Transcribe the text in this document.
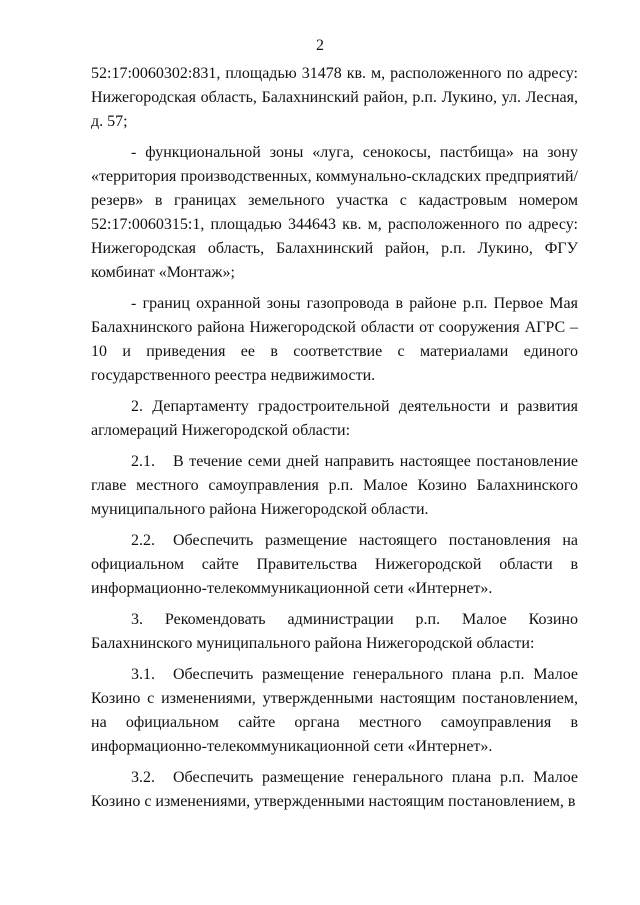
2

52:17:0060302:831, площадью 31478 кв. м, расположенного по адресу: Нижегородская область, Балахнинский район, р.п. Лукино, ул. Лесная, д. 57;

- функциональной зоны «луга, сенокосы, пастбища» на зону «территория производственных, коммунально-складских предприятий/резерв» в границах земельного участка с кадастровым номером 52:17:0060315:1, площадью 344643 кв. м, расположенного по адресу: Нижегородская область, Балахнинский район, р.п. Лукино, ФГУ комбинат «Монтаж»;

- границ охранной зоны газопровода в районе р.п. Первое Мая Балахнинского района Нижегородской области от сооружения АГРС – 10 и приведения ее в соответствие с материалами единого государственного реестра недвижимости.

2. Департаменту градостроительной деятельности и развития агломераций Нижегородской области:

2.1. В течение семи дней направить настоящее постановление главе местного самоуправления р.п. Малое Козино Балахнинского муниципального района Нижегородской области.

2.2. Обеспечить размещение настоящего постановления на официальном сайте Правительства Нижегородской области в информационно-телекоммуникационной сети «Интернет».

3. Рекомендовать администрации р.п. Малое Козино Балахнинского муниципального района Нижегородской области:

3.1. Обеспечить размещение генерального плана р.п. Малое Козино с изменениями, утвержденными настоящим постановлением, на официальном сайте органа местного самоуправления в информационно-телекоммуникационной сети «Интернет».

3.2. Обеспечить размещение генерального плана р.п. Малое Козино с изменениями, утвержденными настоящим постановлением, в
